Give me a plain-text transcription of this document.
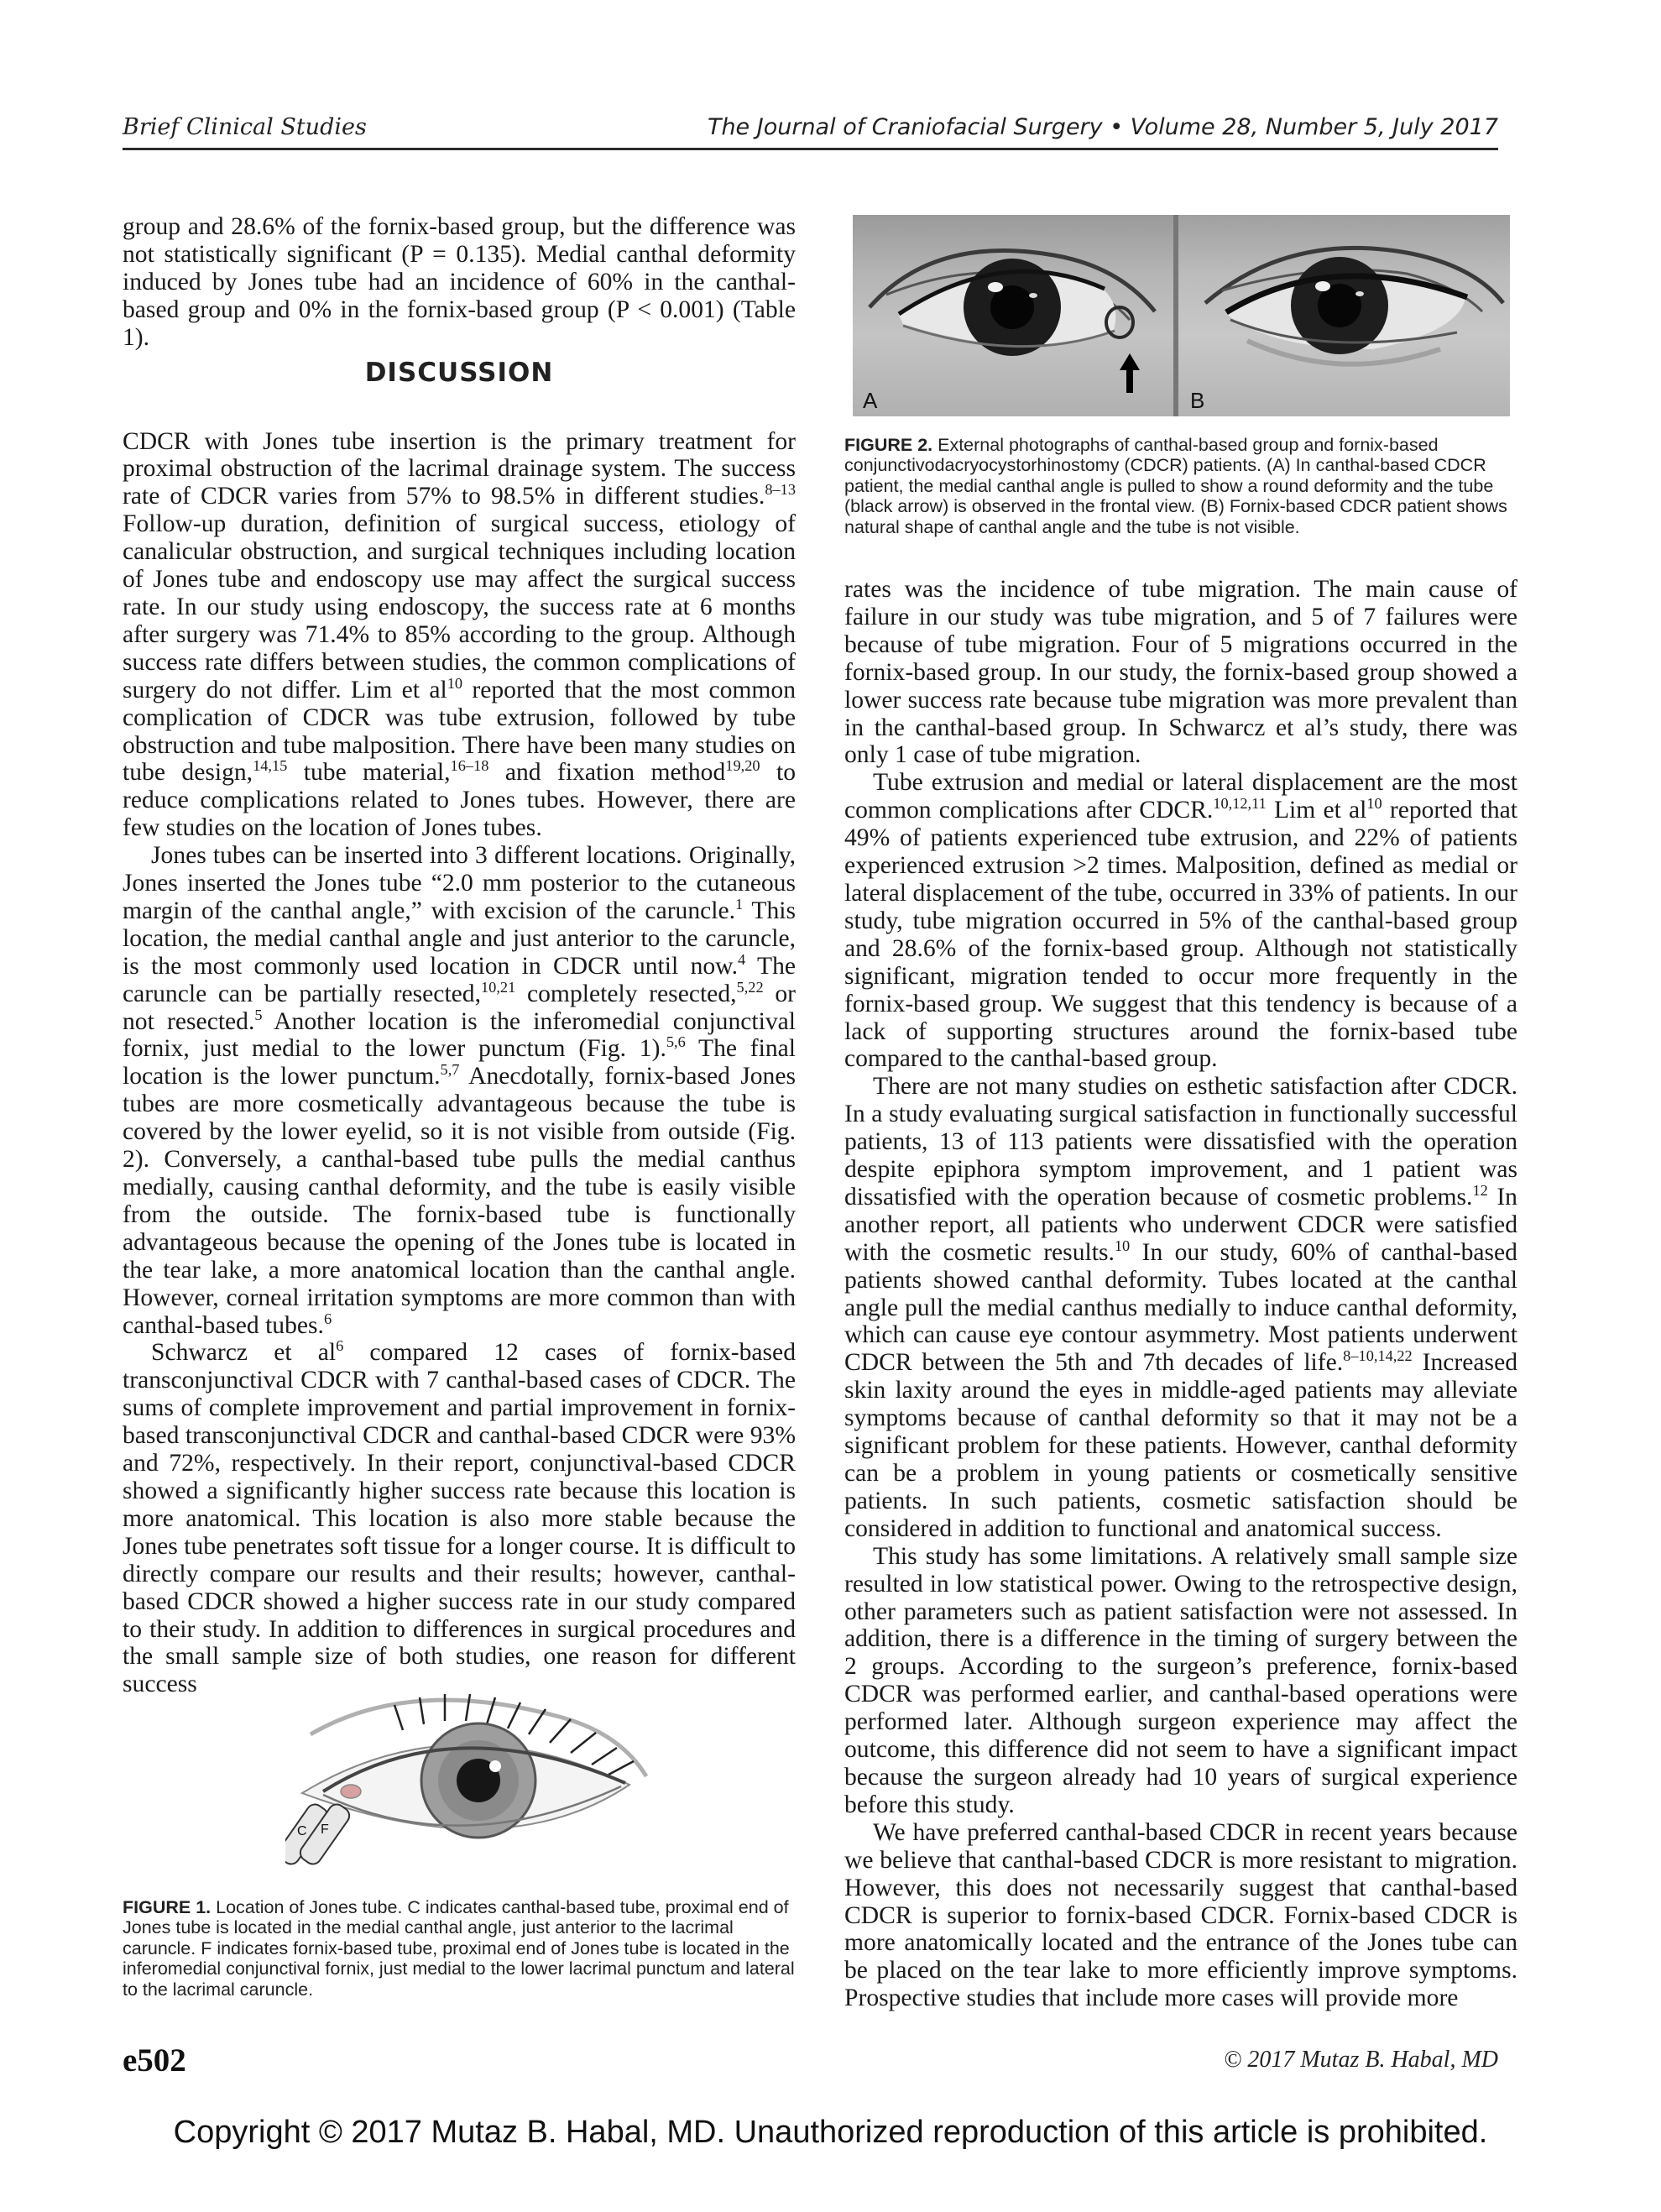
Brief Clinical Studies	The Journal of Craniofacial Surgery • Volume 28, Number 5, July 2017

group and 28.6% of the fornix-based group, but the difference was not statistically significant (P = 0.135). Medial canthal deformity induced by Jones tube had an incidence of 60% in the canthal-based group and 0% in the fornix-based group (P < 0.001) (Table 1).

CDCR with Jones tube insertion is the primary treatment for proximal obstruction of the lacrimal drainage system. The success rate of CDCR varies from 57% to 98.5% in different studies.$^{8-13}$ Follow-up duration, definition of surgical success, etiology of canalicular obstruction, and surgical techniques including location of Jones tube and endoscopy use may affect the surgical success rate. In our study using endoscopy, the success rate at 6 months after surgery was 71.4% to 85% according to the group. Although success rate differs between studies, the common complications of surgery do not differ. Lim et $al^{10}$ reported that the most common complication of CDCR was tube extrusion, followed by tube obstruction and tube malposition. There have been many studies on tube design,$^{14,15}$ tube material,$^{16-18}$ and fixation method$^{19,20}$ to reduce complications related to Jones tubes. However, there are few studies on the location of Jones tubes.

Jones tubes can be inserted into 3 different locations. Originally, Jones inserted the Jones tube “2.0 mm posterior to the cutaneous margin of the canthal angle,” with excision of the caruncle.$^1$ This location, the medial canthal angle and just anterior to the caruncle, is the most commonly used location in CDCR until now.$^4$ The caruncle can be partially resected,$^{10,21}$ completely resected,$^{5,22}$ or not resected.$^5$ Another location is the inferomedial conjunctival fornix, just medial to the lower punctum (Fig. 1).$^{5,6}$ The final location is the lower punctum.$^{5,7}$ Anecdotally, fornix-based Jones tubes are more cosmetically advantageous because the tube is covered by the lower eyelid, so it is not visible from outside (Fig. 2). Conversely, a canthal-based tube pulls the medial canthus medially, causing canthal deformity, and the tube is easily visible from the outside. The fornix-based tube is functionally advantageous because the opening of the Jones tube is located in the tear lake, a more anatomical location than the canthal angle. However, corneal irritation symptoms are more common than with canthal-based tubes.$^6$

Schwarcz et $al^6$ compared 12 cases of fornix-based transconjunctival CDCR with 7 canthal-based cases of CDCR. The sums of complete improvement and partial improvement in fornix-based transconjunctival CDCR and canthal-based CDCR were 93% and 72%, respectively. In their report, conjunctival-based CDCR showed a significantly higher success rate because this location is more anatomical. This location is also more stable because the Jones tube penetrates soft tissue for a longer course. It is difficult to directly compare our results and their results; however, canthal-based CDCR showed a higher success rate in our study compared to their study. In addition to differences in surgical procedures and the small sample size of both studies, one reason for different success

DISCUSSION
A	B
FIGURE 2. External photographs of canthal-based group and fornix-based conjunctivodacryocystorhinostomy (CDCR) patients. (A) In canthal-based CDCR patient, the medial canthal angle is pulled to show a round deformity and the tube (black arrow) is observed in the frontal view. (B) Fornix-based CDCR patient shows natural shape of canthal angle and the tube is not visible.

rates was the incidence of tube migration. The main cause of failure in our study was tube migration, and 5 of 7 failures were because of tube migration. Four of 5 migrations occurred in the fornix-based group. In our study, the fornix-based group showed a lower success rate because tube migration was more prevalent than in the canthal-based group. In Schwarcz et al’s study, there was only 1 case of tube migration.

Tube extrusion and medial or lateral displacement are the most common complications after CDCR.$^{10,12,11}$ Lim et $al^{10}$ reported that 49% of patients experienced tube extrusion, and 22% of patients experienced extrusion >2 times. Malposition, defined as medial or lateral displacement of the tube, occurred in 33% of patients. In our study, tube migration occurred in 5% of the canthal-based group and 28.6% of the fornix-based group. Although not statistically significant, migration tended to occur more frequently in the fornix-based group. We suggest that this tendency is because of a lack of supporting structures around the fornix-based tube compared to the canthal-based group.

There are not many studies on esthetic satisfaction after CDCR. In a study evaluating surgical satisfaction in functionally successful patients, 13 of 113 patients were dissatisfied with the operation despite epiphora symptom improvement, and 1 patient was dissatisfied with the operation because of cosmetic problems.$^{12}$ In another report, all patients who underwent CDCR were satisfied with the cosmetic results.$^{10}$ In our study, 60% of canthal-based patients showed canthal deformity. Tubes located at the canthal angle pull the medial canthus medially to induce canthal deformity, which can cause eye contour asymmetry. Most patients underwent CDCR between the 5th and 7th decades of life.$^{8-10,14,22}$ Increased skin laxity around the eyes in middle-aged patients may alleviate symptoms because of canthal deformity so that it may not be a significant problem for these patients. However, canthal deformity can be a problem in young patients or cosmetically sensitive patients. In such patients, cosmetic satisfaction should be considered in addition to functional and anatomical success.

This study has some limitations. A relatively small sample size resulted in low statistical power. Owing to the retrospective design, other parameters such as patient satisfaction were not assessed. In addition, there is a difference in the timing of surgery between the 2 groups. According to the surgeon’s preference, fornix-based CDCR was performed earlier, and canthal-based operations were performed later. Although surgeon experience may affect the outcome, this difference did not seem to have a significant impact because the surgeon already had 10 years of surgical experience before this study.

We have preferred canthal-based CDCR in recent years because we believe that canthal-based CDCR is more resistant to migration. However, this does not necessarily suggest that canthal-based CDCR is superior to fornix-based CDCR. Fornix-based CDCR is more anatomically located and the entrance of the Jones tube can be placed on the tear lake to more efficiently improve symptoms. Prospective studies that include more cases will provide more

C F
FIGURE 1. Location of Jones tube. C indicates canthal-based tube, proximal end of Jones tube is located in the medial canthal angle, just anterior to the lacrimal caruncle. F indicates fornix-based tube, proximal end of Jones tube is located in the inferomedial conjunctival fornix, just medial to the lower lacrimal punctum and lateral to the lacrimal caruncle.
e502	© 2017 Mutaz B. Habal, MD
Copyright © 2017 Mutaz B. Habal, MD. Unauthorized reproduction of this article is prohibited.
